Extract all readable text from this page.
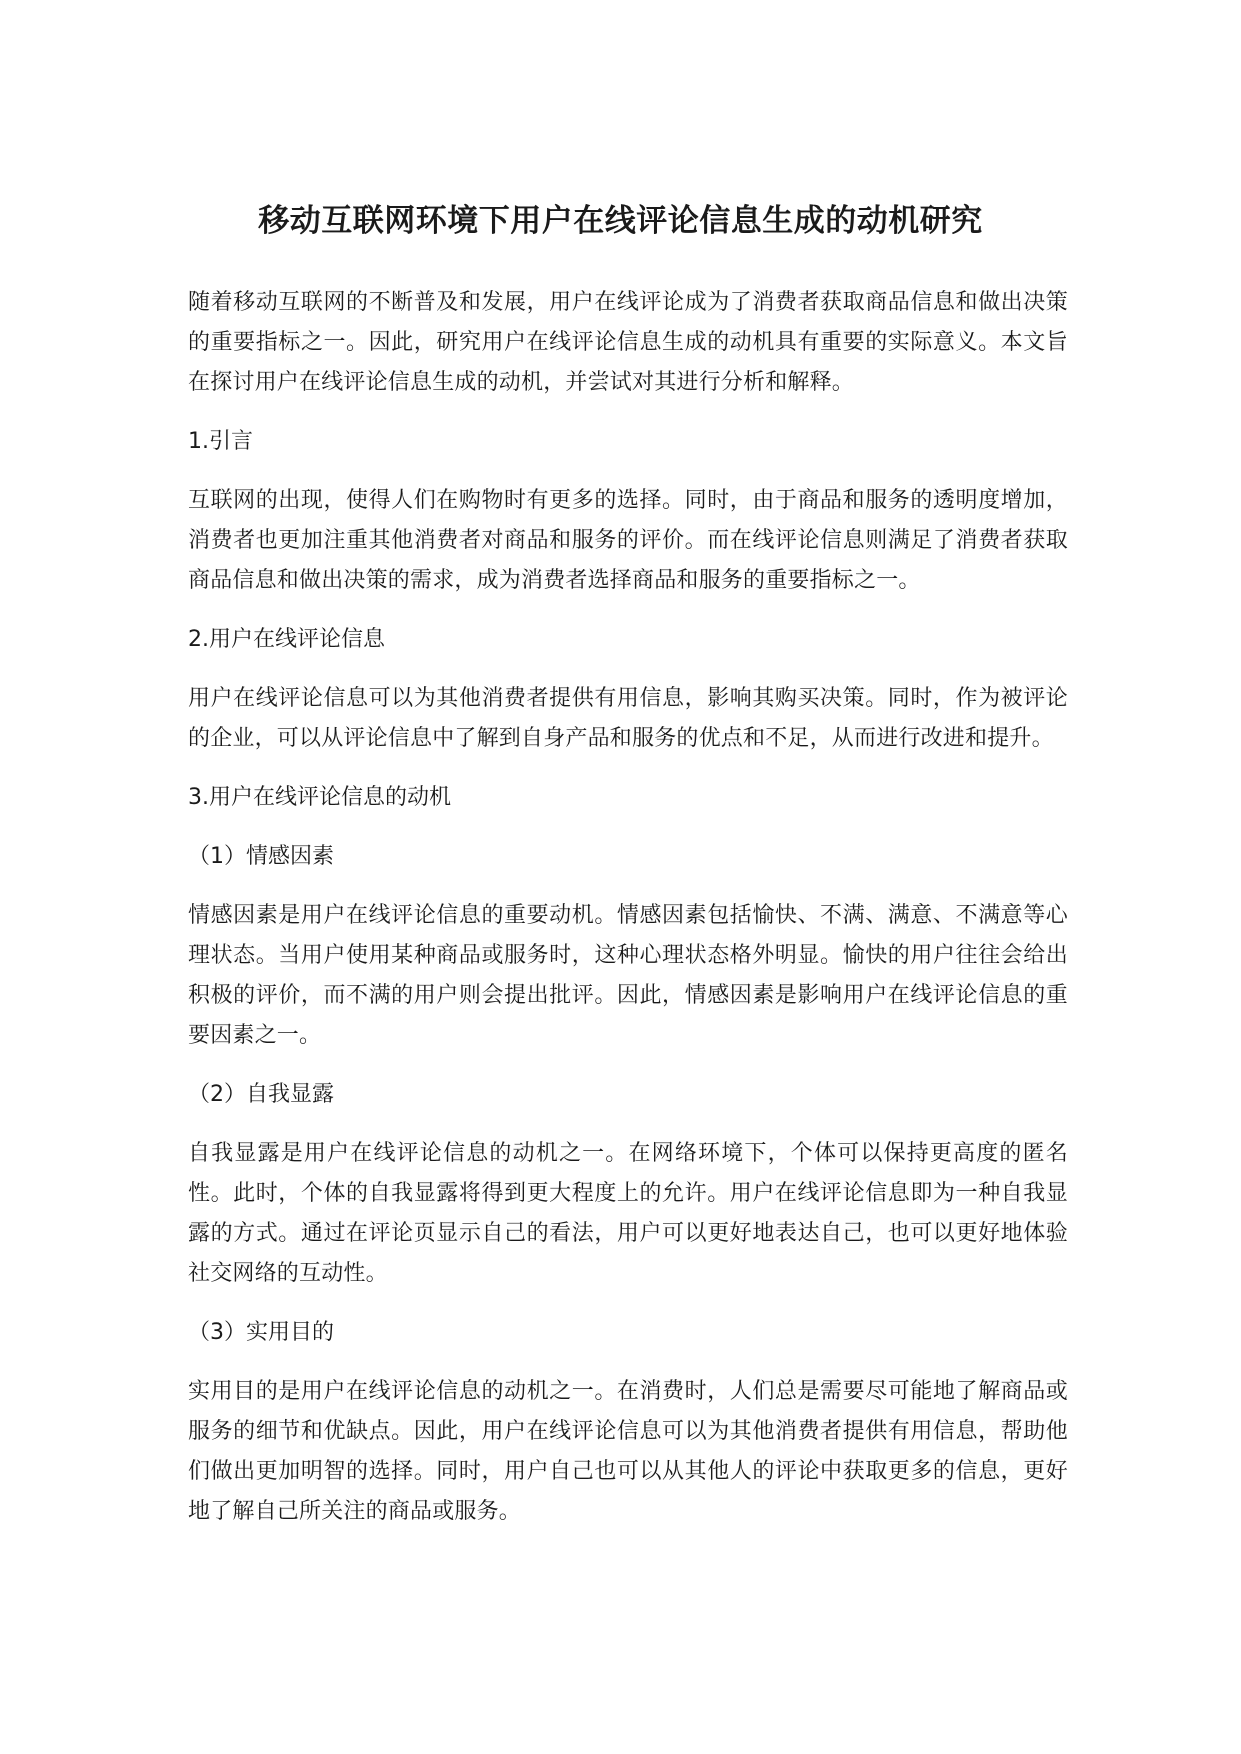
移动互联网环境下用户在线评论信息生成的动机研究

随着移动互联网的不断普及和发展，用户在线评论成为了消费者获取商品信息和做出决策的重要指标之一。因此，研究用户在线评论信息生成的动机具有重要的实际意义。本文旨在探讨用户在线评论信息生成的动机，并尝试对其进行分析和解释。

1.引言

互联网的出现，使得人们在购物时有更多的选择。同时，由于商品和服务的透明度增加，消费者也更加注重其他消费者对商品和服务的评价。而在线评论信息则满足了消费者获取商品信息和做出决策的需求，成为消费者选择商品和服务的重要指标之一。

2.用户在线评论信息

用户在线评论信息可以为其他消费者提供有用信息，影响其购买决策。同时，作为被评论的企业，可以从评论信息中了解到自身产品和服务的优点和不足，从而进行改进和提升。

3.用户在线评论信息的动机

（1）情感因素

情感因素是用户在线评论信息的重要动机。情感因素包括愉快、不满、满意、不满意等心理状态。当用户使用某种商品或服务时，这种心理状态格外明显。愉快的用户往往会给出积极的评价，而不满的用户则会提出批评。因此，情感因素是影响用户在线评论信息的重要因素之一。

（2）自我显露

自我显露是用户在线评论信息的动机之一。在网络环境下，个体可以保持更高度的匿名性。此时，个体的自我显露将得到更大程度上的允许。用户在线评论信息即为一种自我显露的方式。通过在评论页显示自己的看法，用户可以更好地表达自己，也可以更好地体验社交网络的互动性。

（3）实用目的

实用目的是用户在线评论信息的动机之一。在消费时，人们总是需要尽可能地了解商品或服务的细节和优缺点。因此，用户在线评论信息可以为其他消费者提供有用信息，帮助他们做出更加明智的选择。同时，用户自己也可以从其他人的评论中获取更多的信息，更好地了解自己所关注的商品或服务。
